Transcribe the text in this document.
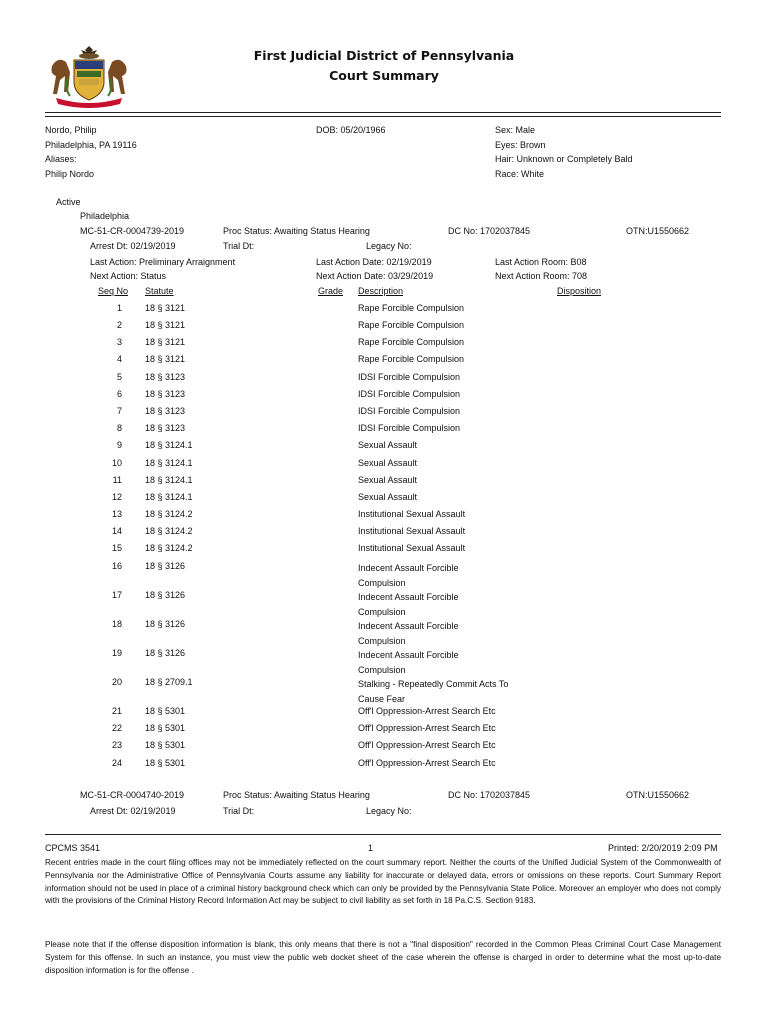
First Judicial District of Pennsylvania
Court Summary
Nordo, Philip
Philadelphia, PA 19116
Aliases:
Philip Nordo
DOB: 05/20/1966	Sex: Male
Eyes: Brown
Hair: Unknown or Completely Bald
Race: White
Active
Philadelphia
MC-51-CR-0004739-2019	Proc Status: Awaiting Status Hearing	DC No: 1702037845	OTN:U1550662
Arrest Dt: 02/19/2019	Trial Dt:	Legacy No:
Last Action: Preliminary Arraignment	Last Action Date: 02/19/2019	Last Action Room: B08
Next Action: Status	Next Action Date: 03/29/2019	Next Action Room: 708
Seq No Statute	Grade Description	Disposition
1	18 § 3121	Rape Forcible Compulsion
2	18 § 3121	Rape Forcible Compulsion
3	18 § 3121	Rape Forcible Compulsion
4	18 § 3121	Rape Forcible Compulsion
5	18 § 3123	IDSI Forcible Compulsion
6	18 § 3123	IDSI Forcible Compulsion
7	18 § 3123	IDSI Forcible Compulsion
8	18 § 3123	IDSI Forcible Compulsion
9	18 § 3124.1	Sexual Assault
10	18 § 3124.1	Sexual Assault
11	18 § 3124.1	Sexual Assault
12	18 § 3124.1	Sexual Assault
13	18 § 3124.2	Institutional Sexual Assault
14	18 § 3124.2	Institutional Sexual Assault
15	18 § 3124.2	Institutional Sexual Assault
16	18 § 3126	Indecent Assault Forcible Compulsion
17	18 § 3126	Indecent Assault Forcible Compulsion
18	18 § 3126	Indecent Assault Forcible Compulsion
19	18 § 3126	Indecent Assault Forcible Compulsion
20	18 § 2709.1	Stalking - Repeatedly Commit Acts To Cause Fear
21	18 § 5301	Off'l Oppression-Arrest Search Etc
22	18 § 5301	Off'l Oppression-Arrest Search Etc
23	18 § 5301	Off'l Oppression-Arrest Search Etc
24	18 § 5301	Off'l Oppression-Arrest Search Etc
MC-51-CR-0004740-2019	Proc Status: Awaiting Status Hearing	DC No: 1702037845	OTN:U1550662
Arrest Dt: 02/19/2019	Trial Dt:	Legacy No:
CPCMS 3541	1	Printed: 2/20/2019 2:09 PM

Recent entries made in the court filing offices may not be immediately reflected on the court summary report. Neither the courts of the Unified Judicial System of the Commonwealth of Pennsylvania nor the Administrative Office of Pennsylvania Courts assume any liability for inaccurate or delayed data, errors or omissions on these reports. Court Summary Report information should not be used in place of a criminal history background check which can only be provided by the Pennsylvania State Police. Moreover an employer who does not comply with the provisions of the Criminal History Record Information Act may be subject to civil liability as set forth in 18 Pa.C.S. Section 9183.

Please note that if the offense disposition information is blank, this only means that there is not a "final disposition" recorded in the Common Pleas Criminal Court Case Management System for this offense. In such an instance, you must view the public web docket sheet of the case wherein the offense is charged in order to determine what the most up-to-date disposition information is for the offense .
